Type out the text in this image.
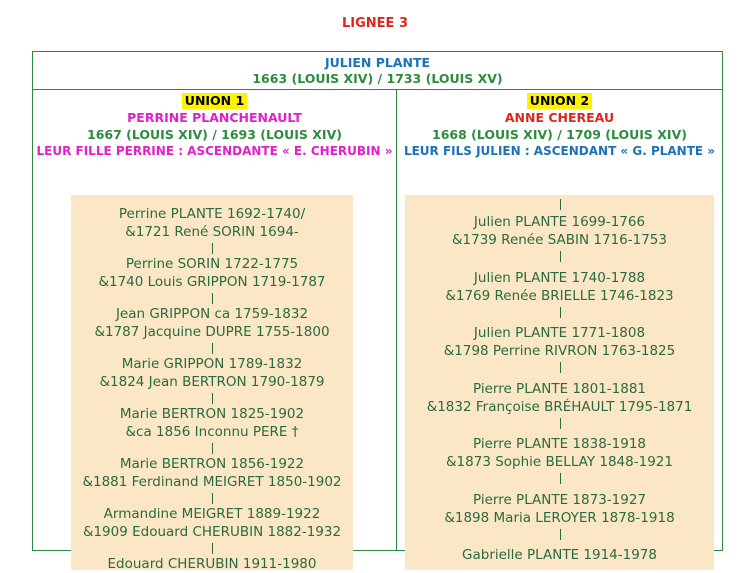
LIGNEE 3
JULIEN PLANTE
1663 (LOUIS XIV) / 1733 (LOUIS XV)
UNION 1
PERRINE PLANCHENAULT
1667 (LOUIS XIV) / 1693 (LOUIS XIV)
LEUR FILLE PERRINE : ASCENDANTE « E. CHERUBIN »
Perrine PLANTE 1692-1740/
&1721 René SORIN 1694-
Perrine SORIN 1722-1775
&1740 Louis GRIPPON 1719-1787
Jean GRIPPON ca 1759-1832
&1787 Jacquine DUPRE 1755-1800
Marie GRIPPON 1789-1832
&1824 Jean BERTRON 1790-1879
Marie BERTRON 1825-1902
&ca 1856 Inconnu PERE †
Marie BERTRON 1856-1922
&1881 Ferdinand MEIGRET 1850-1902
Armandine MEIGRET 1889-1922
&1909 Edouard CHERUBIN 1882-1932
Edouard CHERUBIN 1911-1980
UNION 2
ANNE CHEREAU
1668 (LOUIS XIV) / 1709 (LOUIS XIV)
LEUR FILS JULIEN : ASCENDANT « G. PLANTE »
Julien PLANTE 1699-1766
&1739 Renée SABIN 1716-1753
Julien PLANTE 1740-1788
&1769 Renée BRIELLE 1746-1823
Julien PLANTE 1771-1808
&1798 Perrine RIVRON 1763-1825
Pierre PLANTE 1801-1881
&1832 Françoise BRÉHAULT 1795-1871
Pierre PLANTE 1838-1918
&1873 Sophie BELLAY 1848-1921
Pierre PLANTE 1873-1927
&1898 Maria LEROYER 1878-1918
Gabrielle PLANTE 1914-1978
